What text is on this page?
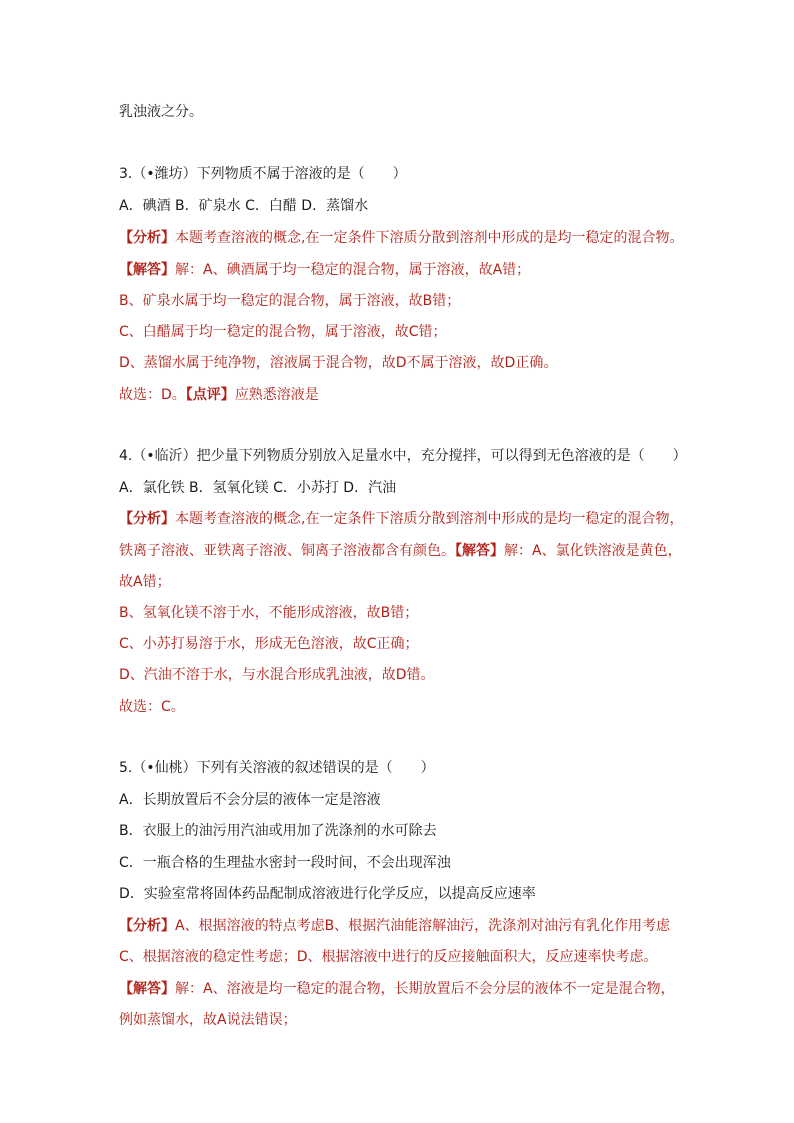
乳浊液之分。
3.（•潍坊）下列物质不属于溶液的是（　　）
A．碘酒 B．矿泉水 C．白醋 D．蒸馏水
【分析】本题考查溶液的概念,在一定条件下溶质分散到溶剂中形成的是均一稳定的混合物。
【解答】解：A、碘酒属于均一稳定的混合物，属于溶液，故A错；
B、矿泉水属于均一稳定的混合物，属于溶液，故B错；
C、白醋属于均一稳定的混合物，属于溶液，故C错；
D、蒸馏水属于纯净物，溶液属于混合物，故D不属于溶液，故D正确。
故选：D。【点评】应熟悉溶液是
4.（•临沂）把少量下列物质分别放入足量水中，充分搅拌，可以得到无色溶液的是（　　）
A．氯化铁 B．氢氧化镁 C．小苏打 D．汽油
【分析】本题考查溶液的概念,在一定条件下溶质分散到溶剂中形成的是均一稳定的混合物，
铁离子溶液、亚铁离子溶液、铜离子溶液都含有颜色。【解答】解：A、氯化铁溶液是黄色，
故A错；
B、氢氧化镁不溶于水，不能形成溶液，故B错；
C、小苏打易溶于水，形成无色溶液，故C正确；
D、汽油不溶于水，与水混合形成乳浊液，故D错。
故选：C。
5.（•仙桃）下列有关溶液的叙述错误的是（　　）
A．长期放置后不会分层的液体一定是溶液
B．衣服上的油污用汽油或用加了洗涤剂的水可除去
C．一瓶合格的生理盐水密封一段时间，不会出现浑浊
D．实验室常将固体药品配制成溶液进行化学反应，以提高反应速率
【分析】A、根据溶液的特点考虑B、根据汽油能溶解油污，洗涤剂对油污有乳化作用考虑
C、根据溶液的稳定性考虑；D、根据溶液中进行的反应接触面积大，反应速率快考虑。
【解答】解：A、溶液是均一稳定的混合物，长期放置后不会分层的液体不一定是混合物，
例如蒸馏水，故A说法错误；
